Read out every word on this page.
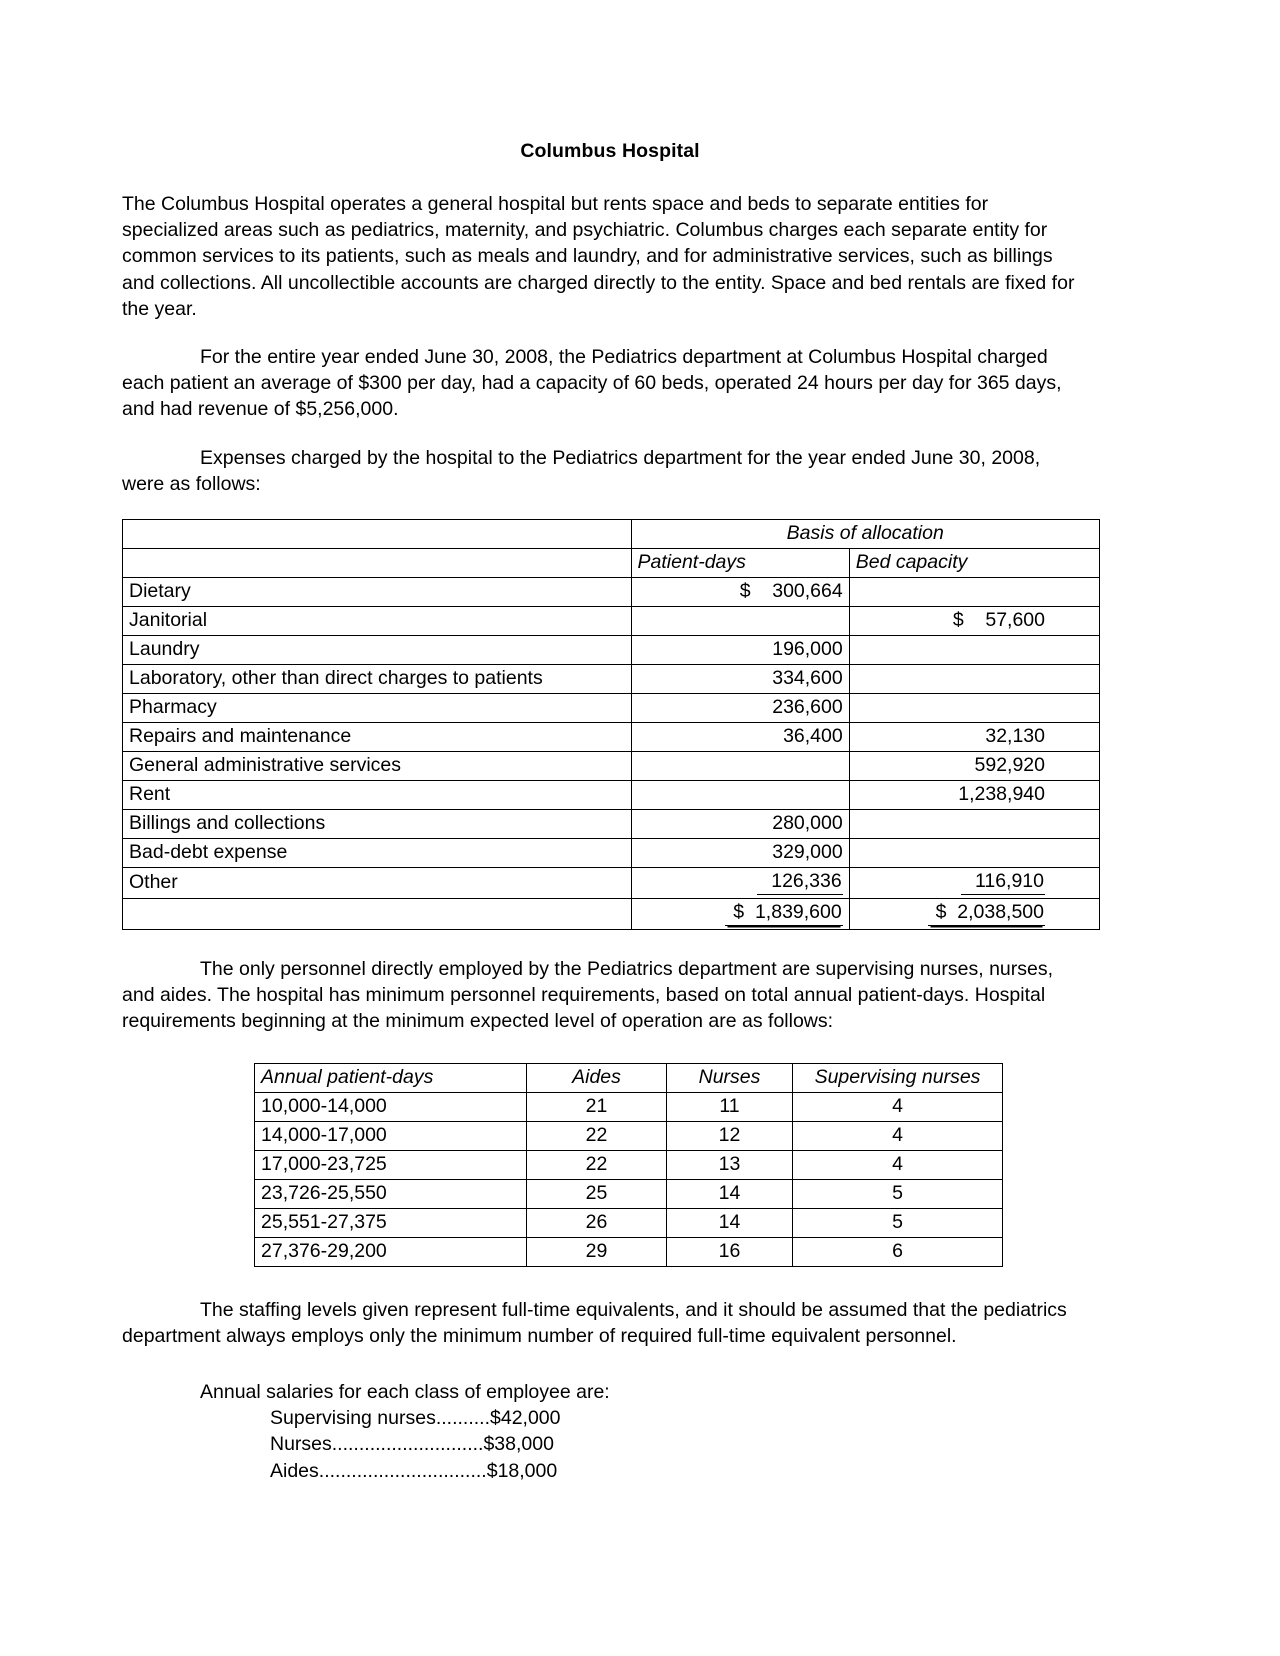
Columbus Hospital

The Columbus Hospital operates a general hospital but rents space and beds to separate entities for specialized areas such as pediatrics, maternity, and psychiatric. Columbus charges each separate entity for common services to its patients, such as meals and laundry, and for administrative services, such as billings and collections. All uncollectible accounts are charged directly to the entity. Space and bed rentals are fixed for the year.

For the entire year ended June 30, 2008, the Pediatrics department at Columbus Hospital charged each patient an average of $300 per day, had a capacity of 60 beds, operated 24 hours per day for 365 days, and had revenue of $5,256,000.

Expenses charged by the hospital to the Pediatrics department for the year ended June 30, 2008, were as follows:

	Basis of allocation	
	Patient-days	Bed capacity
Dietary	$    300,664	
Janitorial		$    57,600
Laundry	196,000	
Laboratory, other than direct charges to patients	334,600	
Pharmacy	236,600	
Repairs and maintenance	36,400	32,130
General administrative services		592,920
Rent		1,238,940
Billings and collections	280,000	
Bad-debt expense	329,000	
Other	126,336	116,910
	$  1,839,600	$  2,038,500

The only personnel directly employed by the Pediatrics department are supervising nurses, nurses, and aides. The hospital has minimum personnel requirements, based on total annual patient-days. Hospital requirements beginning at the minimum expected level of operation are as follows:

Annual patient-days	Aides	Nurses	Supervising nurses
10,000-14,000	21	11	4
14,000-17,000	22	12	4
17,000-23,725	22	13	4
23,726-25,550	25	14	5
25,551-27,375	26	14	5
27,376-29,200	29	16	6

The staffing levels given represent full-time equivalents, and it should be assumed that the pediatrics department always employs only the minimum number of required full-time equivalent personnel.

Annual salaries for each class of employee are:
Supervising nurses..........$42,000
Nurses............................$38,000
Aides...............................$18,000
